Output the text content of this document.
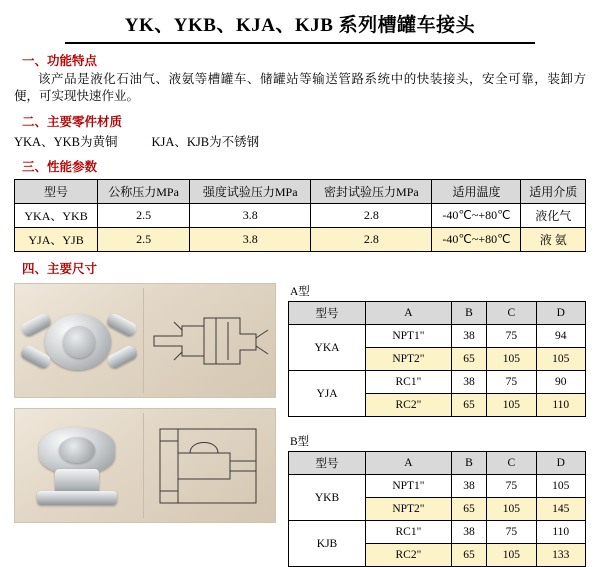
YK、YKB、KJA、KJB 系列槽罐车接头
一、功能特点
该产品是液化石油气、液氨等槽罐车、储罐站等输送管路系统中的快装接头，安全可靠，装卸方便，可实现快速作业。
二、主要零件材质
YKA、YKB为黄铜	KJA、KJB为不锈钢
三、性能参数
型号	公称压力MPa	强度试验压力MPa	密封试验压力MPa	适用温度	适用介质
YKA、YKB	2.5	3.8	2.8	-40℃~+80℃	液化气
YJA、YJB	2.5	3.8	2.8	-40℃~+80℃	液 氨
四、主要尺寸
A型
型号	A	B	C	D
YKA	NPT1"	38	75	94
	NPT2"	65	105	105
YJA	RC1"	38	75	90
	RC2"	65	105	110
B型
型号	A	B	C	D
YKB	NPT1"	38	75	105
	NPT2"	65	105	145
KJB	RC1"	38	75	110
	RC2"	65	105	133
